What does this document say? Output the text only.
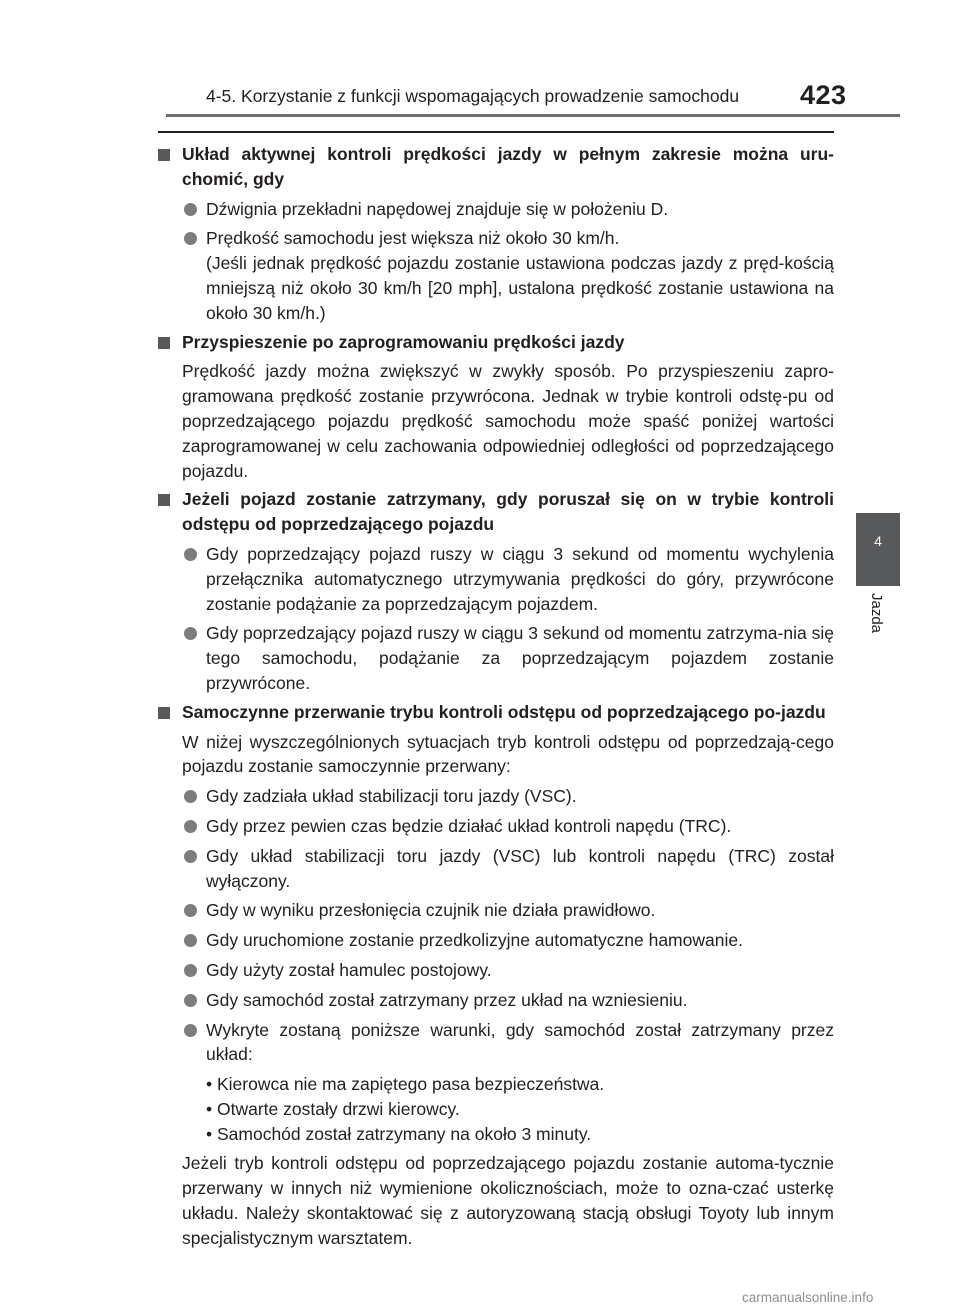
4-5. Korzystanie z funkcji wspomagających prowadzenie samochodu 423
4
Jazda
Układ aktywnej kontroli prędkości jazdy w pełnym zakresie można uru-chomić, gdy
Dźwignia przekładni napędowej znajduje się w położeniu D.
Prędkość samochodu jest większa niż około 30 km/h.
(Jeśli jednak prędkość pojazdu zostanie ustawiona podczas jazdy z pręd-kością mniejszą niż około 30 km/h [20 mph], ustalona prędkość zostanie ustawiona na około 30 km/h.)
Przyspieszenie po zaprogramowaniu prędkości jazdy
Prędkość jazdy można zwiększyć w zwykły sposób. Po przyspieszeniu zapro-gramowana prędkość zostanie przywrócona. Jednak w trybie kontroli odstę-pu od poprzedzającego pojazdu prędkość samochodu może spaść poniżej wartości zaprogramowanej w celu zachowania odpowiedniej odległości od poprzedzającego pojazdu.
Jeżeli pojazd zostanie zatrzymany, gdy poruszał się on w trybie kontroli odstępu od poprzedzającego pojazdu
Gdy poprzedzający pojazd ruszy w ciągu 3 sekund od momentu wychylenia przełącznika automatycznego utrzymywania prędkości do góry, przywrócone zostanie podążanie za poprzedzającym pojazdem.
Gdy poprzedzający pojazd ruszy w ciągu 3 sekund od momentu zatrzyma-nia się tego samochodu, podążanie za poprzedzającym pojazdem zostanie przywrócone.
Samoczynne przerwanie trybu kontroli odstępu od poprzedzającego po-jazdu
W niżej wyszczególnionych sytuacjach tryb kontroli odstępu od poprzedzają-cego pojazdu zostanie samoczynnie przerwany:
Gdy zadziała układ stabilizacji toru jazdy (VSC).
Gdy przez pewien czas będzie działać układ kontroli napędu (TRC).
Gdy układ stabilizacji toru jazdy (VSC) lub kontroli napędu (TRC) został wyłączony.
Gdy w wyniku przesłonięcia czujnik nie działa prawidłowo.
Gdy uruchomione zostanie przedkolizyjne automatyczne hamowanie.
Gdy użyty został hamulec postojowy.
Gdy samochód został zatrzymany przez układ na wzniesieniu.
Wykryte zostaną poniższe warunki, gdy samochód został zatrzymany przez układ:
• Kierowca nie ma zapiętego pasa bezpieczeństwa.
• Otwarte zostały drzwi kierowcy.
• Samochód został zatrzymany na około 3 minuty.
Jeżeli tryb kontroli odstępu od poprzedzającego pojazdu zostanie automa-tycznie przerwany w innych niż wymienione okolicznościach, może to ozna-czać usterkę układu. Należy skontaktować się z autoryzowaną stacją obsługi Toyoty lub innym specjalistycznym warsztatem.
carmanualsonline.info
